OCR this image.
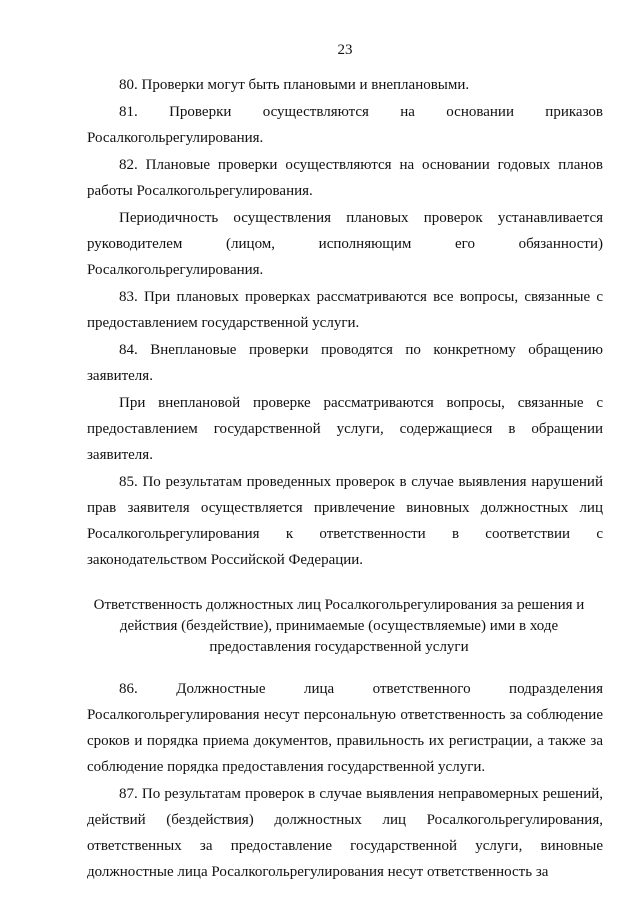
23

80. Проверки могут быть плановыми и внеплановыми.

81. Проверки осуществляются на основании приказов Росалкогольрегулирования.

82. Плановые проверки осуществляются на основании годовых планов работы Росалкогольрегулирования.

Периодичность осуществления плановых проверок устанавливается руководителем (лицом, исполняющим его обязанности) Росалкогольрегулирования.

83. При плановых проверках рассматриваются все вопросы, связанные с предоставлением государственной услуги.

84. Внеплановые проверки проводятся по конкретному обращению заявителя.

При внеплановой проверке рассматриваются вопросы, связанные с предоставлением государственной услуги, содержащиеся в обращении заявителя.

85. По результатам проведенных проверок в случае выявления нарушений прав заявителя осуществляется привлечение виновных должностных лиц Росалкогольрегулирования к ответственности в соответствии с законодательством Российской Федерации.

Ответственность должностных лиц Росалкогольрегулирования за решения и действия (бездействие), принимаемые (осуществляемые) ими в ходе предоставления государственной услуги

86. Должностные лица ответственного подразделения Росалкогольрегулирования несут персональную ответственность за соблюдение сроков и порядка приема документов, правильность их регистрации, а также за соблюдение порядка предоставления государственной услуги.

87. По результатам проверок в случае выявления неправомерных решений, действий (бездействия) должностных лиц Росалкогольрегулирования, ответственных за предоставление государственной услуги, виновные должностные лица Росалкогольрегулирования несут ответственность за
